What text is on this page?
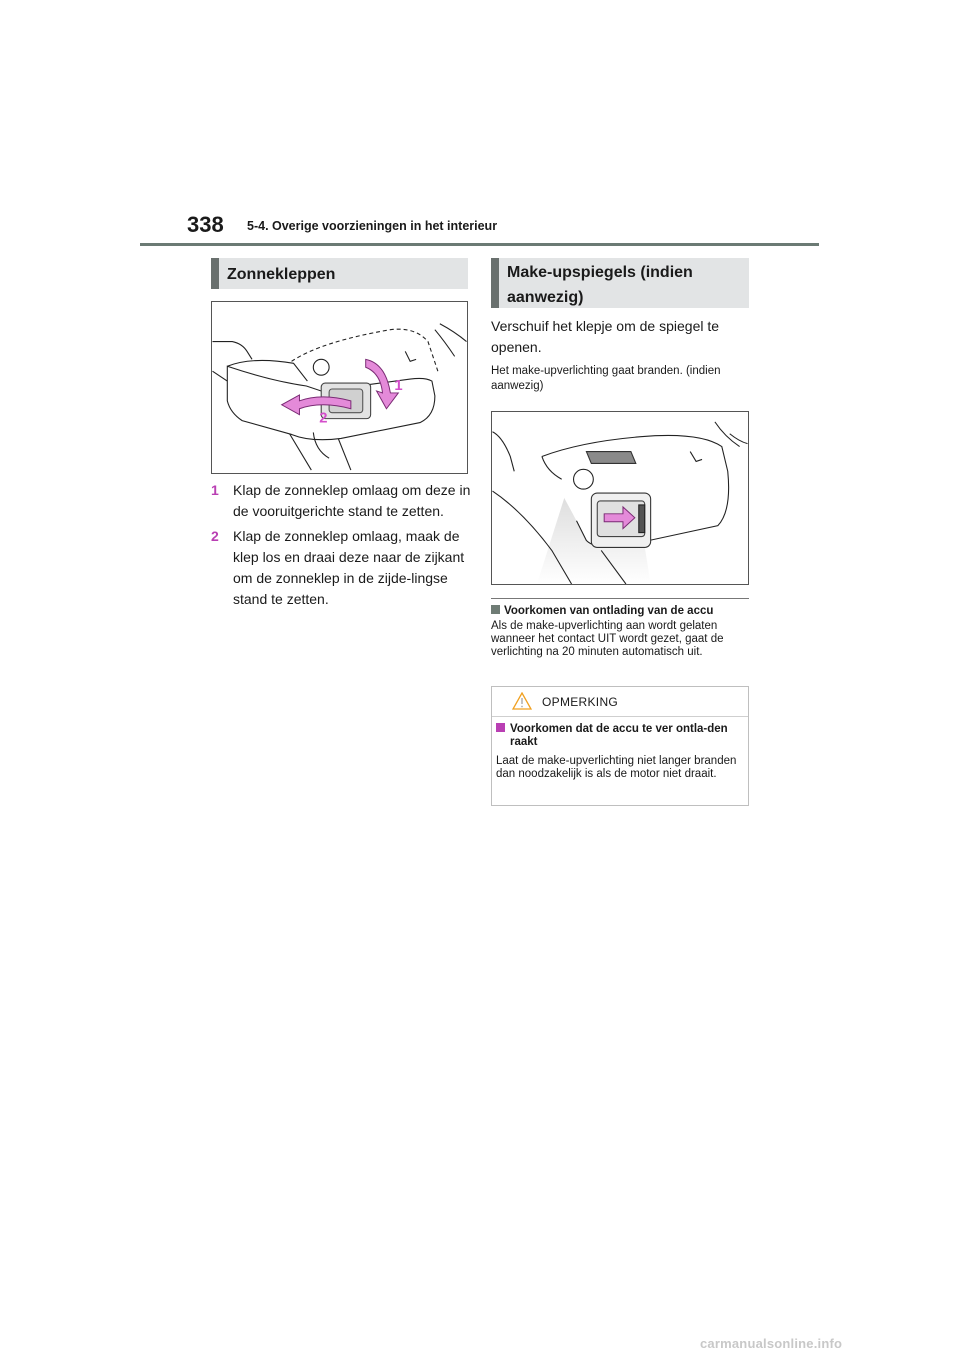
338 5-4. Overige voorzieningen in het interieur
Zonnekleppen
1
2
1	Klap de zonneklep omlaag om deze in de vooruitgerichte stand te zetten.
2	Klap de zonneklep omlaag, maak de klep los en draai deze naar de zijkant om de zonneklep in de zijde-lingse stand te zetten.
Make-upspiegels (indien aanwezig)
Verschuif het klepje om de spiegel te openen.
Het make-upverlichting gaat branden. (indien aanwezig)
Voorkomen van ontlading van de accu
Als de make-upverlichting aan wordt gelaten wanneer het contact UIT wordt gezet, gaat de verlichting na 20 minuten automatisch uit.
OPMERKING
Voorkomen dat de accu te ver ontla-den raakt
Laat de make-upverlichting niet langer branden dan noodzakelijk is als de motor niet draait.
carmanualsonline.info
